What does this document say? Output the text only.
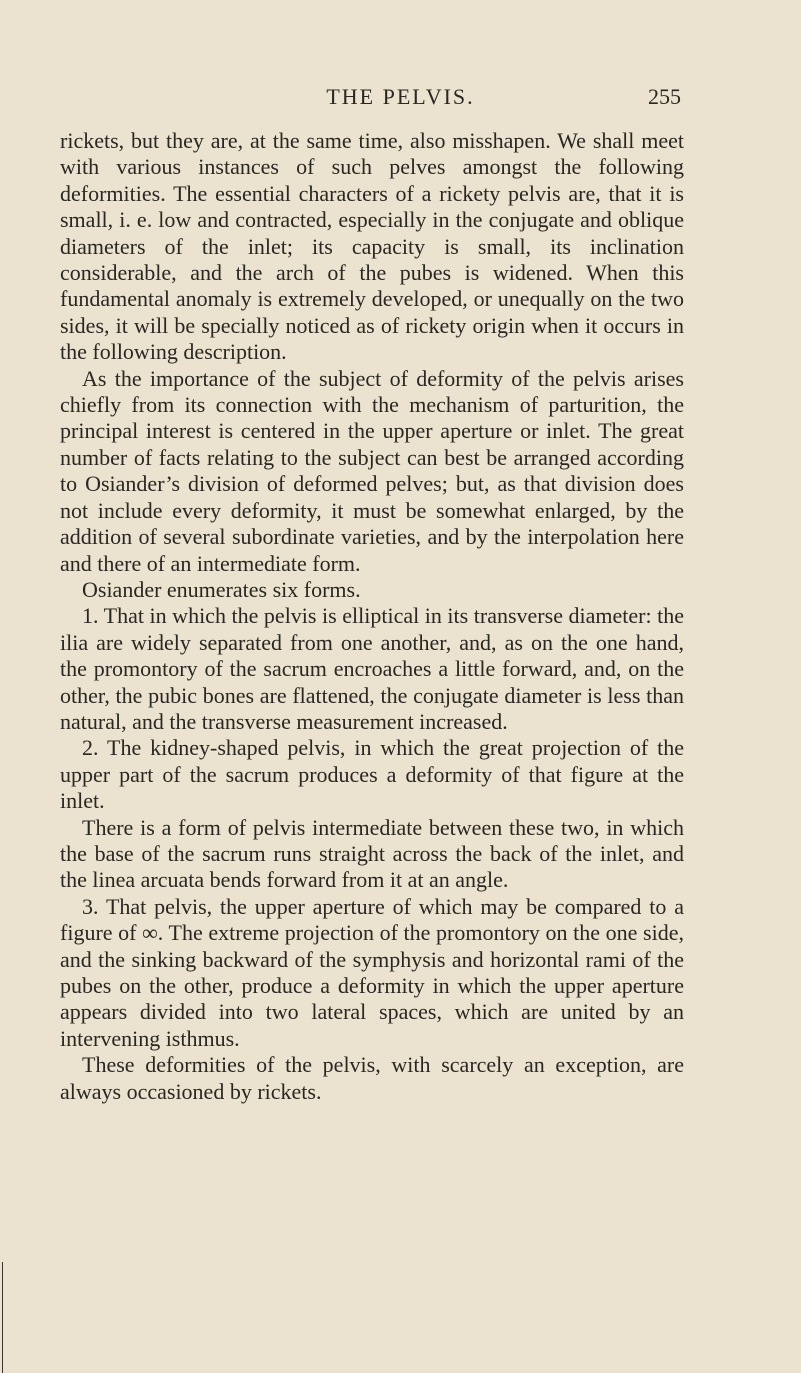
THE PELVIS.	255

rickets, but they are, at the same time, also misshapen. We shall meet with various instances of such pelves amongst the following deformities. The essential characters of a rickety pelvis are, that it is small, i. e. low and contracted, especially in the conjugate and oblique diameters of the inlet; its capacity is small, its inclination considerable, and the arch of the pubes is widened. When this fundamental anomaly is extremely developed, or unequally on the two sides, it will be specially noticed as of rickety origin when it occurs in the following description.

As the importance of the subject of deformity of the pelvis arises chiefly from its connection with the mechanism of parturition, the principal interest is centered in the upper aperture or inlet. The great number of facts relating to the subject can best be arranged according to Osiander’s division of deformed pelves; but, as that division does not include every deformity, it must be somewhat enlarged, by the addition of several subordinate varieties, and by the interpolation here and there of an intermediate form.

Osiander enumerates six forms.

1. That in which the pelvis is elliptical in its transverse diameter: the ilia are widely separated from one another, and, as on the one hand, the promontory of the sacrum encroaches a little forward, and, on the other, the pubic bones are flattened, the conjugate diameter is less than natural, and the transverse measurement increased.

2. The kidney-shaped pelvis, in which the great projection of the upper part of the sacrum produces a deformity of that figure at the inlet.

There is a form of pelvis intermediate between these two, in which the base of the sacrum runs straight across the back of the inlet, and the linea arcuata bends forward from it at an angle.

3. That pelvis, the upper aperture of which may be compared to a figure of ∞. The extreme projection of the promontory on the one side, and the sinking backward of the symphysis and horizontal rami of the pubes on the other, produce a deformity in which the upper aperture appears divided into two lateral spaces, which are united by an intervening isthmus.

These deformities of the pelvis, with scarcely an exception, are always occasioned by rickets.
